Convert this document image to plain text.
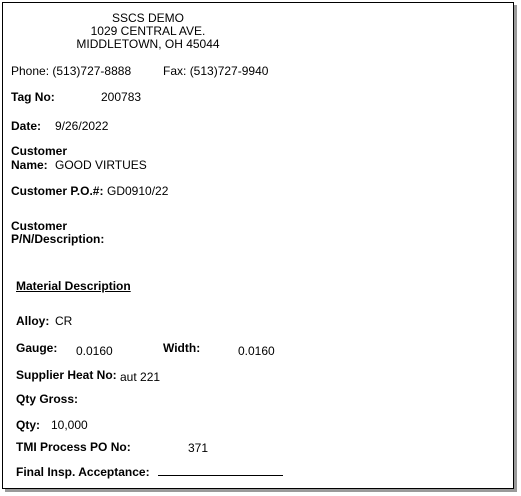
SSCS DEMO
1029 CENTRAL AVE.
MIDDLETOWN, OH 45044
Phone: (513)727-8888	Fax: (513)727-9940
Tag No:	200783
Date: 9/26/2022
Customer
Name: GOOD VIRTUES
Customer P.O.#: GD0910/22
Customer
P/N/Description:
Material Description
Alloy: CR
Gauge: 0.0160	Width:	0.0160
Supplier Heat No: aut 221
Qty Gross:
Qty: 10,000
TMI Process PO No:	371
Final Insp. Acceptance:
